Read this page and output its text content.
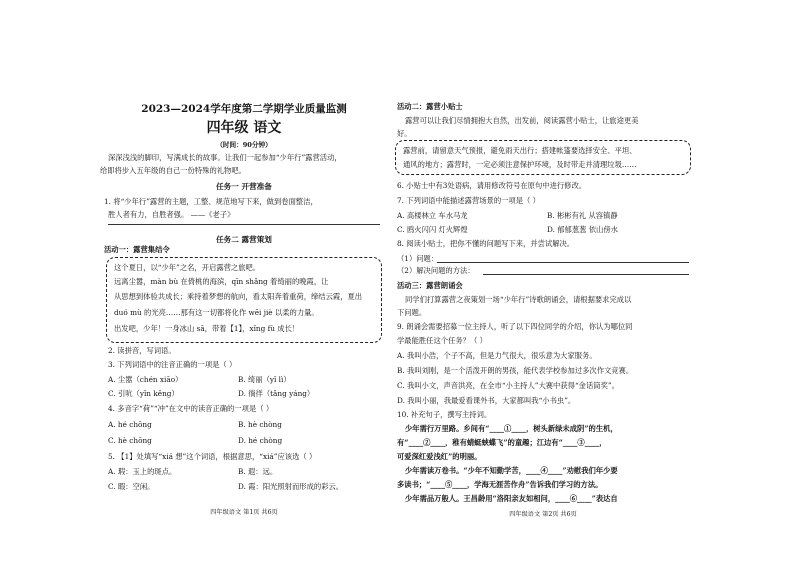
2023—2024学年度第二学期学业质量监测
四年级 语文
（时间：90分钟）
深深浅浅的脚印，写满成长的故事。让我们一起参加“少年行”露营活动，
给即将步入五年级的自己一份特殊的礼物吧。
任务一 开营准备
1. 将“少年行”露营的主题，工整、规范地写下来，做到卷面整洁，
胜人者有力，自胜者强。 ——《老子》
任务二 露营策划
活动一：露营集结令
这个夏日，以“少年”之名，开启露营之旅吧。
远离尘嚣，màn bù 在倚桃的海滨，qīn shǎng 着绮丽的晚霞，让
从思想到体验共成长；乘持着梦想的航向，看太阳奔着重荷，缔结云霞，夏出
duó mù 的光亮……那有这一切都将化作 wēi jiè 以柔的力量。
出发吧，少年！一身冰山 sā，带着【1】，xǐng fù 成长！
2. 读拼音，写词语。
3. 下列词语中的注音正确的一项是（ ）
A. 尘嚣（chén xiāo）	B. 绮丽（yǐ lì）
C. 引吭（yǐn kěng）	D. 徜徉（tǎng yáng）
4. 多音字“荷”“冲”在文中的读音正确的一项是（ ）
A. hé chōng	B. hè chòng
C. hè chōng	D. hé chòng
5. 【1】处填写“xiá 想”这个词语，根据意思，“xiá”应该选（ ）
A. 瑕：玉上的斑点。	B. 遐：远。
C. 暇：空闲。	D. 霞：阳光照射而形成的彩云。
四年级语文 第1页 共6页
活动二：露营小贴士
露营可以让我们尽情拥抱大自然，出发前，阅读露营小贴士，让旅途更美
好。
露营前，请留意天气预报，避免雨天出行；搭建帐篷要选择安全、平坦、
通风的地方；露营时，一定必须注意保护环境，及时带走并清理垃圾……
6. 小贴士中有3处语病，请用修改符号在原句中进行修改。
7. 下列词语中能描述露营场景的一项是（ ）
A. 高楼林立 车水马龙	B. 彬彬有礼 从容镇静
C. 鸥火闪闪 灯火辉煌	D. 郁郁葱葱 依山傍水
8. 阅读小贴士，把你不懂的问题写下来，并尝试解决。
（1）问题：
（2）解决问题的方法：
活动三：露营朗诵会
同学们打算露营之夜策划一场“少年行”诗歌朗诵会，请根据要求完成以
下问题。
9. 朗诵会需要招募一位主持人，听了以下四位同学的介绍，你认为哪位同
学最能胜任这个任务？（ ）
A. 我叫小浩，个子不高，但是力气很大，很乐意为大家服务。
B. 我叫刘刚，是一个活泼开朗的男孩，能代表学校参加过多次作文竞赛。
C. 我叫小文，声音洪亮，在全市“小主持人”大赛中获得“金话筒奖”。
D. 我叫小丽，我最爱看课外书，大家都叫我“小书虫”。
10. 补充句子，撰写主持词。
少年需行万里路。乡间有“____①____，树头新绿未成阴”的生机，
有“____②____，稚有蜻蜓蛱蝶飞”的童趣；江边有“____③____，
可爱深红爱浅红”的明丽。
少年需读万卷书。“少年不知勤学苦，____④____”劝慰我们年少要
多读书；“____⑤____，学海无涯苦作舟”告诉我们学习的方法。
少年需品万般人。王昌龄用“洛阳亲友如相问，____⑥____”表达自
四年级语文 第2页 共6页
